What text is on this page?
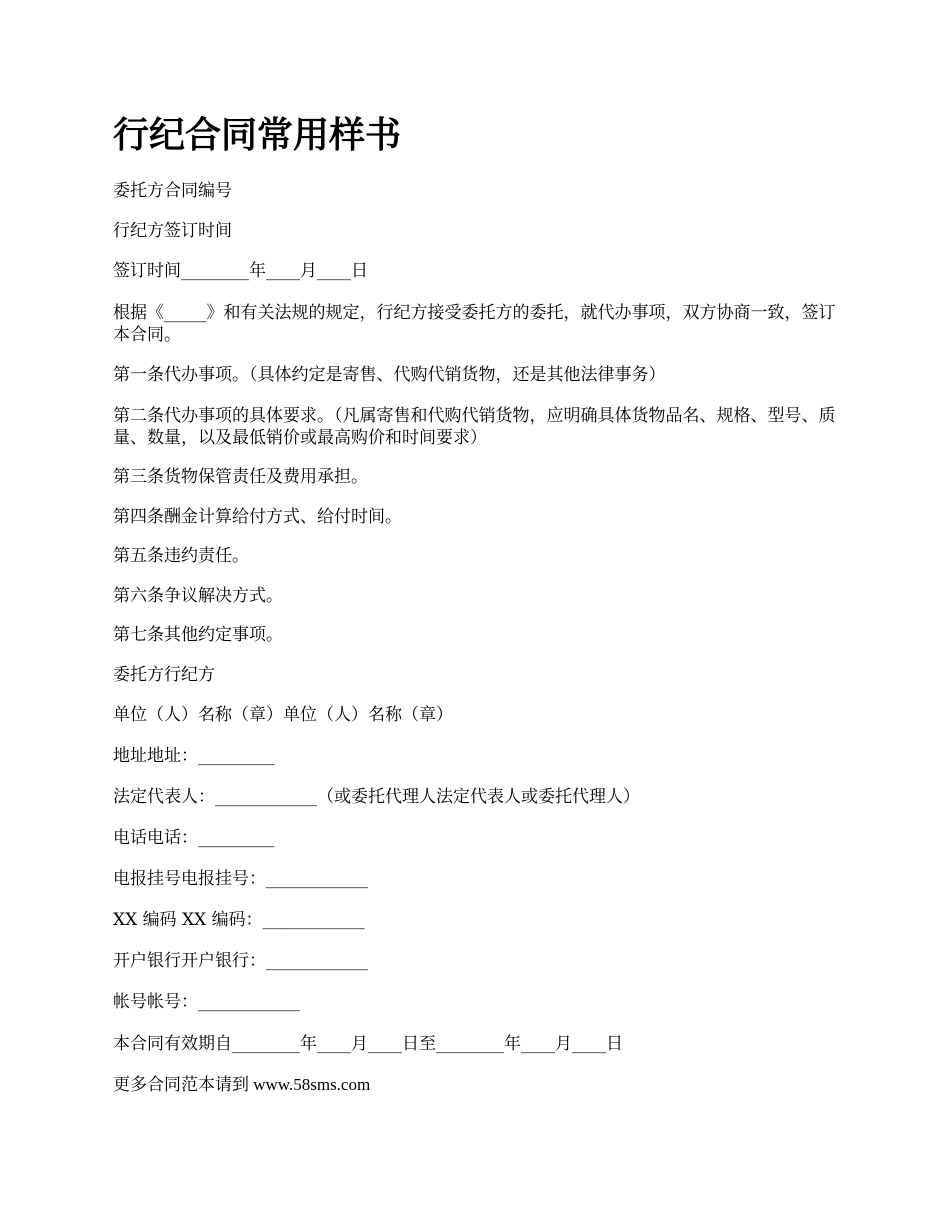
行纪合同常用样书

委托方合同编号

行纪方签订时间

签订时间________年____月____日

根据《_____》和有关法规的规定，行纪方接受委托方的委托，就代办事项，双方协商一致，签订本合同。

第一条代办事项。（具体约定是寄售、代购代销货物，还是其他法律事务）

第二条代办事项的具体要求。（凡属寄售和代购代销货物，应明确具体货物品名、规格、型号、质量、数量，以及最低销价或最高购价和时间要求）

第三条货物保管责任及费用承担。

第四条酬金计算给付方式、给付时间。

第五条违约责任。

第六条争议解决方式。

第七条其他约定事项。

委托方行纪方

单位（人）名称（章）单位（人）名称（章）

地址地址：_________

法定代表人：____________（或委托代理人法定代表人或委托代理人）

电话电话：_________

电报挂号电报挂号：____________

XX 编码 XX 编码：____________

开户银行开户银行：____________

帐号帐号：____________

本合同有效期自________年____月____日至________年____月____日

更多合同范本请到 www.58sms.com
